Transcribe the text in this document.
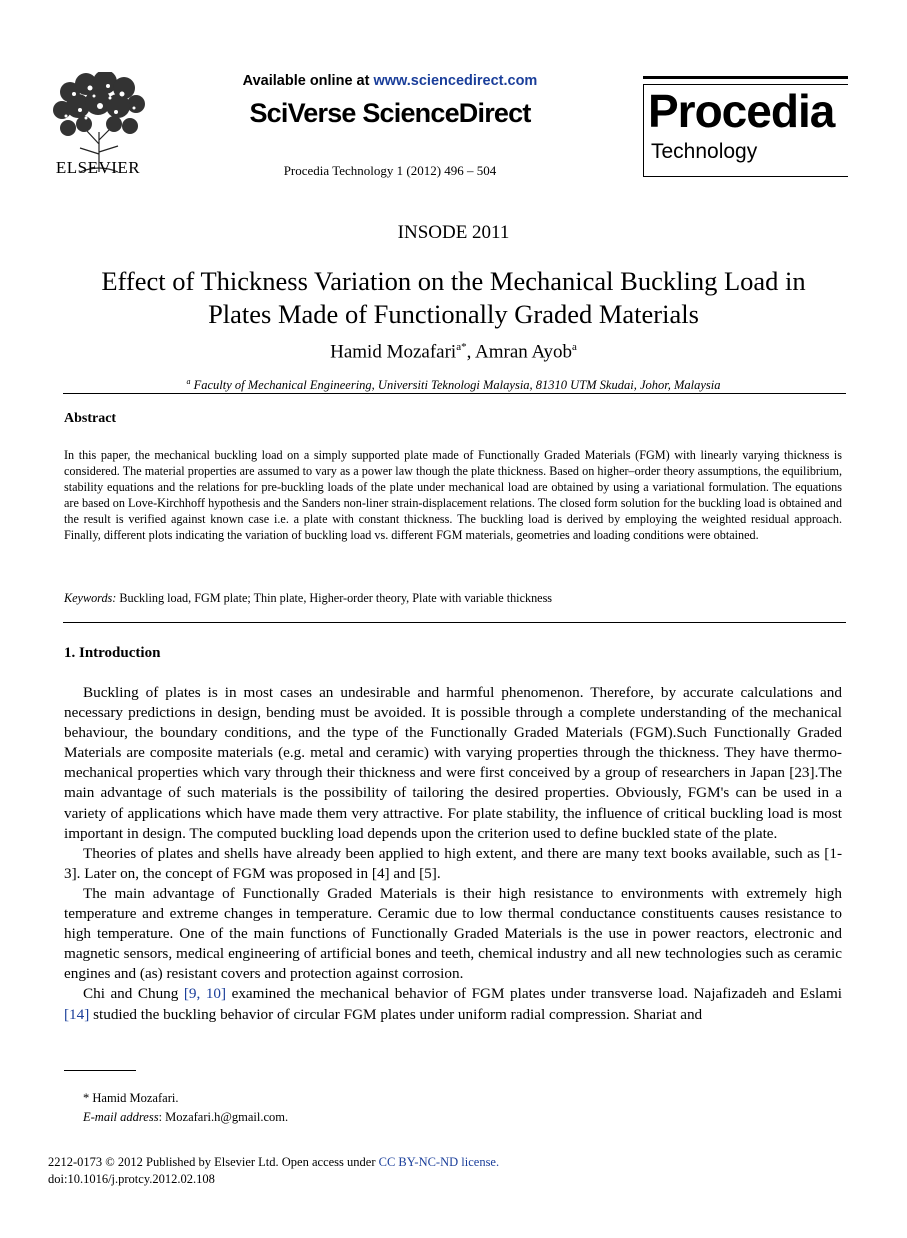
ELSEVIER
Available online at www.sciencedirect.com
SciVerse ScienceDirect
Procedia Technology 1 (2012) 496 – 504
Procedia
Technology
INSODE 2011
Effect of Thickness Variation on the Mechanical Buckling Load in
Plates Made of Functionally Graded Materials
Hamid Mozafari$^{a*}$, Amran Ayob$^a$
$^a$ Faculty of Mechanical Engineering, Universiti Teknologi Malaysia, 81310 UTM Skudai, Johor, Malaysia
Abstract
In this paper, the mechanical buckling load on a simply supported plate made of Functionally Graded Materials (FGM) with linearly varying thickness is considered. The material properties are assumed to vary as a power law though the plate thickness. Based on higher–order theory assumptions, the equilibrium, stability equations and the relations for pre-buckling loads of the plate under mechanical load are obtained by using a variational formulation. The equations are based on Love-Kirchhoff hypothesis and the Sanders non-liner strain-displacement relations. The closed form solution for the buckling load is obtained and the result is verified against known case i.e. a plate with constant thickness. The buckling load is derived by employing the weighted residual approach. Finally, different plots indicating the variation of buckling load vs. different FGM materials, geometries and loading conditions were obtained.
Keywords: Buckling load, FGM plate; Thin plate, Higher-order theory, Plate with variable thickness
1. Introduction

Buckling of plates is in most cases an undesirable and harmful phenomenon. Therefore, by accurate calculations and necessary predictions in design, bending must be avoided. It is possible through a complete understanding of the mechanical behaviour, the boundary conditions, and the type of the Functionally Graded Materials (FGM).Such Functionally Graded Materials are composite materials (e.g. metal and ceramic) with varying properties through the thickness. They have thermo-mechanical properties which vary through their thickness and were first conceived by a group of researchers in Japan [23].The main advantage of such materials is the possibility of tailoring the desired properties. Obviously, FGM's can be used in a variety of applications which have made them very attractive. For plate stability, the influence of critical buckling load is most important in design. The computed buckling load depends upon the criterion used to define buckled state of the plate.

Theories of plates and shells have already been applied to high extent, and there are many text books available, such as [1- 3]. Later on, the concept of FGM was proposed in [4] and [5].

The main advantage of Functionally Graded Materials is their high resistance to environments with extremely high temperature and extreme changes in temperature. Ceramic due to low thermal conductance constituents causes resistance to high temperature. One of the main functions of Functionally Graded Materials is the use in power reactors, electronic and magnetic sensors, medical engineering of artificial bones and teeth, chemical industry and all new technologies such as ceramic engines and (as) resistant covers and protection against corrosion.

Chi and Chung [9, 10] examined the mechanical behavior of FGM plates under transverse load. Najafizadeh and Eslami [14] studied the buckling behavior of circular FGM plates under uniform radial compression. Shariat and

* Hamid Mozafari.
E-mail address: Mozafari.h@gmail.com.
2212-0173 © 2012 Published by Elsevier Ltd. Open access under CC BY-NC-ND license.
doi:10.1016/j.protcy.2012.02.108
